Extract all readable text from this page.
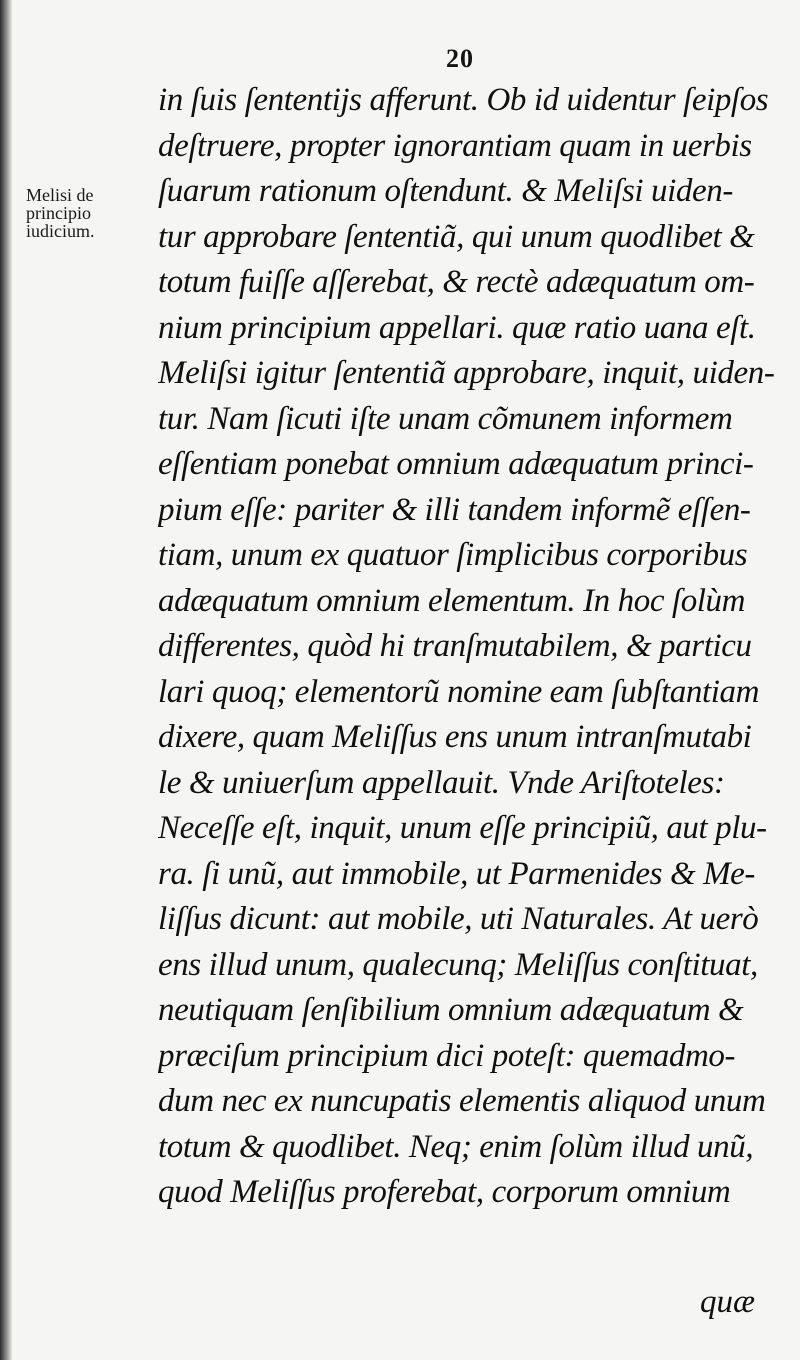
20
Melisi de
principio
iudicium.
in ſuis ſententijs afferunt. Ob id uidentur ſeipſos
deſtruere, propter ignorantiam quam in uerbis
ſuarum rationum oſtendunt. & Meliſsi uiden-
tur approbare ſententiã, qui unum quodlibet &
totum fuiſſe aſſerebat, & rectè adæquatum om-
nium principium appellari. quæ ratio uana eſt.
Meliſsi igitur ſententiã approbare, inquit, uiden-
tur. Nam ſicuti iſte unam cõmunem informem
eſſentiam ponebat omnium adæquatum princi-
pium eſſe: pariter & illi tandem informẽ eſſen-
tiam, unum ex quatuor ſimplicibus corporibus
adæquatum omnium elementum. In hoc ſolùm
differentes, quòd hi tranſmutabilem, & particu
lari quoq; elementorũ nomine eam ſubſtantiam
dixere, quam Meliſſus ens unum intranſmutabi
le & uniuerſum appellauit. Vnde Ariſtoteles:
Neceſſe eſt, inquit, unum eſſe principiũ, aut plu-
ra. ſi unũ, aut immobile, ut Parmenides & Me-
liſſus dicunt: aut mobile, uti Naturales. At uerò
ens illud unum, qualecunq; Meliſſus conſtituat,
neutiquam ſenſibilium omnium adæquatum &
præciſum principium dici poteſt: quemadmo-
dum nec ex nuncupatis elementis aliquod unum
totum & quodlibet. Neq; enim ſolùm illud unũ,
quod Meliſſus proferebat, corporum omnium
quæ
